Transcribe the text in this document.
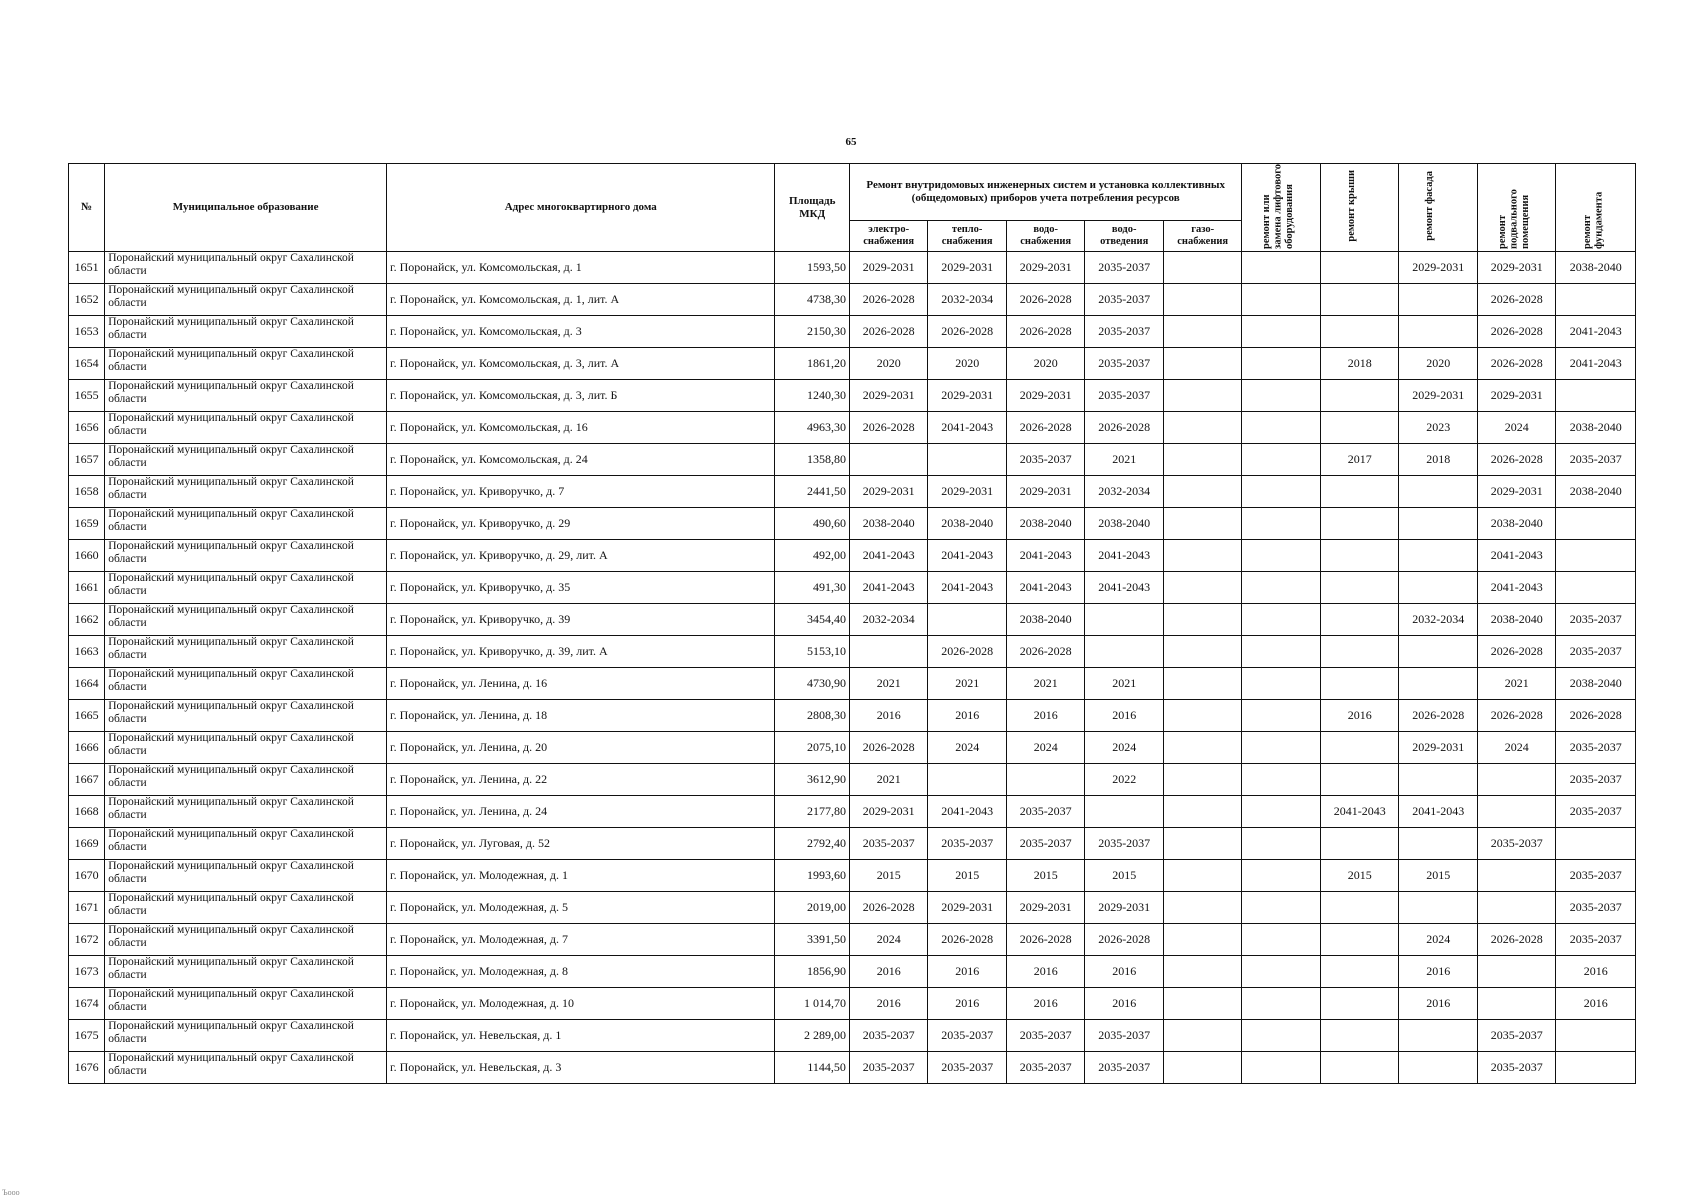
65
№	Муниципальное образование	Адрес многоквартирного дома	Площадь МКД	Ремонт внутридомовых инженерных систем и установка коллективных (общедомовых) приборов учета потребления ресурсов					ремонт или замена лифтового оборудования	ремонт крыши	ремонт фасада	ремонт подвального помещения	ремонт фундамента
				электро- снабжения	тепло- снабжения	водо- снабжения	водо- отведения	газо- снабжения					
1651	Поронайский муниципальный округ Сахалинской области	г. Поронайск, ул. Комсомольская, д. 1	1593,50	2029-2031	2029-2031	2029-2031	2035-2037				2029-2031	2029-2031	2038-2040
1652	Поронайский муниципальный округ Сахалинской области	г. Поронайск, ул. Комсомольская, д. 1, лит. А	4738,30	2026-2028	2032-2034	2026-2028	2035-2037					2026-2028	
1653	Поронайский муниципальный округ Сахалинской области	г. Поронайск, ул. Комсомольская, д. 3	2150,30	2026-2028	2026-2028	2026-2028	2035-2037					2026-2028	2041-2043
1654	Поронайский муниципальный округ Сахалинской области	г. Поронайск, ул. Комсомольская, д. 3, лит. А	1861,20	2020	2020	2020	2035-2037			2018	2020	2026-2028	2041-2043
1655	Поронайский муниципальный округ Сахалинской области	г. Поронайск, ул. Комсомольская, д. 3, лит. Б	1240,30	2029-2031	2029-2031	2029-2031	2035-2037				2029-2031	2029-2031	
1656	Поронайский муниципальный округ Сахалинской области	г. Поронайск, ул. Комсомольская, д. 16	4963,30	2026-2028	2041-2043	2026-2028	2026-2028				2023	2024	2038-2040
1657	Поронайский муниципальный округ Сахалинской области	г. Поронайск, ул. Комсомольская, д. 24	1358,80			2035-2037	2021			2017	2018	2026-2028	2035-2037
1658	Поронайский муниципальный округ Сахалинской области	г. Поронайск, ул. Криворучко, д. 7	2441,50	2029-2031	2029-2031	2029-2031	2032-2034					2029-2031	2038-2040
1659	Поронайский муниципальный округ Сахалинской области	г. Поронайск, ул. Криворучко, д. 29	490,60	2038-2040	2038-2040	2038-2040	2038-2040					2038-2040	
1660	Поронайский муниципальный округ Сахалинской области	г. Поронайск, ул. Криворучко, д. 29, лит. А	492,00	2041-2043	2041-2043	2041-2043	2041-2043					2041-2043	
1661	Поронайский муниципальный округ Сахалинской области	г. Поронайск, ул. Криворучко, д. 35	491,30	2041-2043	2041-2043	2041-2043	2041-2043					2041-2043	
1662	Поронайский муниципальный округ Сахалинской области	г. Поронайск, ул. Криворучко, д. 39	3454,40	2032-2034		2038-2040					2032-2034	2038-2040	2035-2037
1663	Поронайский муниципальный округ Сахалинской области	г. Поронайск, ул. Криворучко, д. 39, лит. А	5153,10		2026-2028	2026-2028						2026-2028	2035-2037
1664	Поронайский муниципальный округ Сахалинской области	г. Поронайск, ул. Ленина, д. 16	4730,90	2021	2021	2021	2021					2021	2038-2040
1665	Поронайский муниципальный округ Сахалинской области	г. Поронайск, ул. Ленина, д. 18	2808,30	2016	2016	2016	2016			2016	2026-2028	2026-2028	2026-2028
1666	Поронайский муниципальный округ Сахалинской области	г. Поронайск, ул. Ленина, д. 20	2075,10	2026-2028	2024	2024	2024				2029-2031	2024	2035-2037
1667	Поронайский муниципальный округ Сахалинской области	г. Поронайск, ул. Ленина, д. 22	3612,90	2021			2022						2035-2037
1668	Поронайский муниципальный округ Сахалинской области	г. Поронайск, ул. Ленина, д. 24	2177,80	2029-2031	2041-2043	2035-2037				2041-2043	2041-2043		2035-2037
1669	Поронайский муниципальный округ Сахалинской области	г. Поронайск, ул. Луговая, д. 52	2792,40	2035-2037	2035-2037	2035-2037	2035-2037					2035-2037	
1670	Поронайский муниципальный округ Сахалинской области	г. Поронайск, ул. Молодежная, д. 1	1993,60	2015	2015	2015	2015			2015	2015		2035-2037
1671	Поронайский муниципальный округ Сахалинской области	г. Поронайск, ул. Молодежная, д. 5	2019,00	2026-2028	2029-2031	2029-2031	2029-2031						2035-2037
1672	Поронайский муниципальный округ Сахалинской области	г. Поронайск, ул. Молодежная, д. 7	3391,50	2024	2026-2028	2026-2028	2026-2028				2024	2026-2028	2035-2037
1673	Поронайский муниципальный округ Сахалинской области	г. Поронайск, ул. Молодежная, д. 8	1856,90	2016	2016	2016	2016				2016		2016
1674	Поронайский муниципальный округ Сахалинской области	г. Поронайск, ул. Молодежная, д. 10	1 014,70	2016	2016	2016	2016				2016		2016
1675	Поронайский муниципальный округ Сахалинской области	г. Поронайск, ул. Невельская, д. 1	2 289,00	2035-2037	2035-2037	2035-2037	2035-2037					2035-2037	
1676	Поронайский муниципальный округ Сахалинской области	г. Поронайск, ул. Невельская, д. 3	1144,50	2035-2037	2035-2037	2035-2037	2035-2037					2035-2037	
Ъооо
